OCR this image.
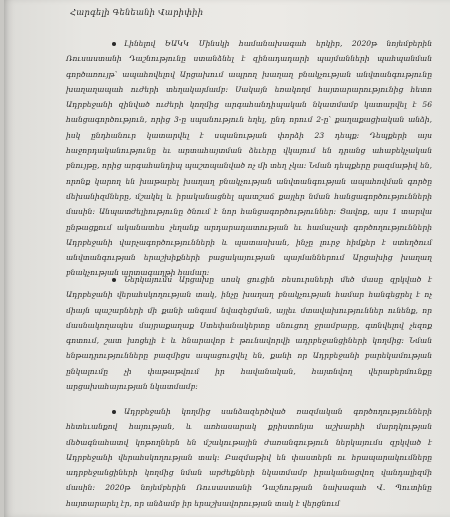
Հարգելի Գենեանի Վարիփիի
Լինելով ԵԱԿԿ Մինսկի համանախագահ երկիր, 2020թ նոյեմբերին Ռուսաստանի Դաշնությունը ստանձնել է զինադադարի պայմանների պահպանման գործառույթ՝ ապահովելով Արցախում ապրող խաղաղ բնակչության անվտանգությունը խաղաղապահ ուժերի տեղակայմամբ: Սակայն եռակողմ հայտարարությունից հետո Ադրբեջանի զինված ուժերի կողմից արգահանդիպական նկատմամբ կատարվել է 56 հանցագործություն, որից 3-ը սպանություն եղել, ընդ որում 2-ը՝ քաղաքացիական անձի, իսկ ընդհանուր կատարվել է սպանության փորձի 23 դեպք: Դեպքերի այս հաջորդականությունը եւ արտահայտման ձեւերը վկայում են դրանց ահաբեկչական բնույթը, որից արգահանդիպ պաշտպանված ոչ մի տեղ չկա: Նման դեպքերը բազմաթիվ են, որոնք կարող են խաթարել խաղաղ բնակչության անվտանգության ապահովման գործը մեխանիզմները, մշակել և իրականացնել պատշաճ քայլեր նման հանցագործությունների մասին: Անպատժելիությունը ծնում է նոր հանցագործություններ: Ցավոք, այս 1 տարվա ընթացքում ականատես չեղանք արդարադատության եւ համաչափ գործողությունների Ադրբեջանի վարչագործությունների և պատասխան, ինչը լուրջ հիմքեր է ստեղծում անվտանգության երաշխիքների բացակայության պայմաններում Արցախից խաղաղ բնակչության արտագաղթի համար:
Ներկայումս Արցախը սոսկ ցուցին ռեսուրսների մեծ մասը զրկված է Ադրբեջանի վերահսկողության տակ, ինչը խաղաղ բնակչության համար հանգեցրել է ոչ միայն պաշարների մի քանի անգամ նվազեցման, այլեւ մտավախություններ ունենք, որ մասնակողապես մայրաքաղաք Ստեփանակերտը սնուցող ջրամբարը, գտնվելով չեզոք գոտում, շատ խոցելի է և հնարավոր է թունավորվի ադրբեջանցիների կողմից: Նման ենթադրությունները բազմիցս ապացուցվել են, քանի որ Ադրբեջանի բարեկամության ընկալումը չի փաթաթվում իր հավանական, հայտնվող վերաբերմունքը արցախահայության նկատմամբ:
Ադրբեջանի կողմից սանձազերծված ռազմական գործողությունների հետեւանքով հայության, և առհասարակ քրիստոնյա աշխարհի մարդկության մեծագնահատվ կոթողներն են մշակութային ժառանգություն ներկայումս զրկված է Ադրբեջանի վերահսկողության տակ: Բազմաթիվ են փաստերն ու հրապարակումները ադրբեջանցիների կողմից նման արժեքների նկատմամբ իրականացվող վանդալիզմի մասին: 2020թ նոյեմբերին Ռուսաստանի Դաշնության նախագահ Վ. Պուտինը հայտարարել էր, որ անձամբ իր երաշխավորության տակ է վերցնում
